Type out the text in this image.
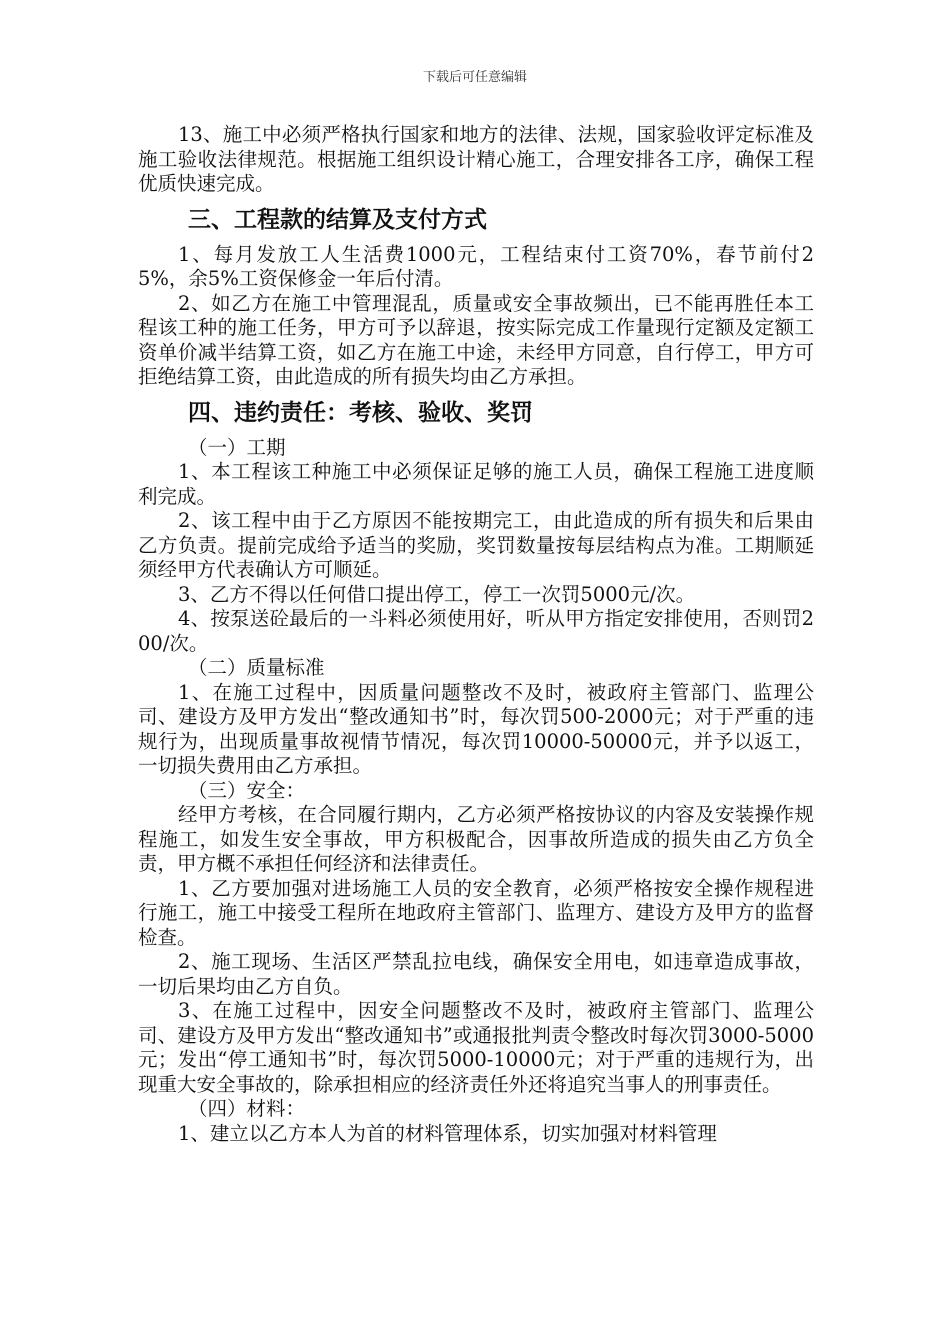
下载后可任意编辑

13、施工中必须严格执行国家和地方的法律、法规，国家验收评定标准及施工验收法律规范。根据施工组织设计精心施工，合理安排各工序，确保工程优质快速完成。

三、工程款的结算及支付方式

1、每月发放工人生活费1000元，工程结束付工资70%，春节前付25%，余5%工资保修金一年后付清。

2、如乙方在施工中管理混乱，质量或安全事故频出，已不能再胜任本工程该工种的施工任务，甲方可予以辞退，按实际完成工作量现行定额及定额工资单价减半结算工资，如乙方在施工中途，未经甲方同意，自行停工，甲方可拒绝结算工资，由此造成的所有损失均由乙方承担。

四、违约责任：考核、验收、奖罚

（一）工期

1、本工程该工种施工中必须保证足够的施工人员，确保工程施工进度顺利完成。

2、该工程中由于乙方原因不能按期完工，由此造成的所有损失和后果由乙方负责。提前完成给予适当的奖励，奖罚数量按每层结构点为准。工期顺延须经甲方代表确认方可顺延。

3、乙方不得以任何借口提出停工，停工一次罚5000元/次。

4、按泵送砼最后的一斗料必须使用好，听从甲方指定安排使用，否则罚200/次。

（二）质量标准

1、在施工过程中，因质量问题整改不及时，被政府主管部门、监理公司、建设方及甲方发出“整改通知书”时，每次罚500-2000元；对于严重的违规行为，出现质量事故视情节情况，每次罚10000-50000元，并予以返工，一切损失费用由乙方承担。

（三）安全：

经甲方考核，在合同履行期内，乙方必须严格按协议的内容及安装操作规程施工，如发生安全事故，甲方积极配合，因事故所造成的损失由乙方负全责，甲方概不承担任何经济和法律责任。

1、乙方要加强对进场施工人员的安全教育，必须严格按安全操作规程进行施工，施工中接受工程所在地政府主管部门、监理方、建设方及甲方的监督检查。

2、施工现场、生活区严禁乱拉电线，确保安全用电，如违章造成事故，一切后果均由乙方自负。

3、在施工过程中，因安全问题整改不及时，被政府主管部门、监理公司、建设方及甲方发出“整改通知书”或通报批判责令整改时每次罚3000-5000元；发出“停工通知书”时，每次罚5000-10000元；对于严重的违规行为，出现重大安全事故的，除承担相应的经济责任外还将追究当事人的刑事责任。

（四）材料：

1、建立以乙方本人为首的材料管理体系，切实加强对材料管理
